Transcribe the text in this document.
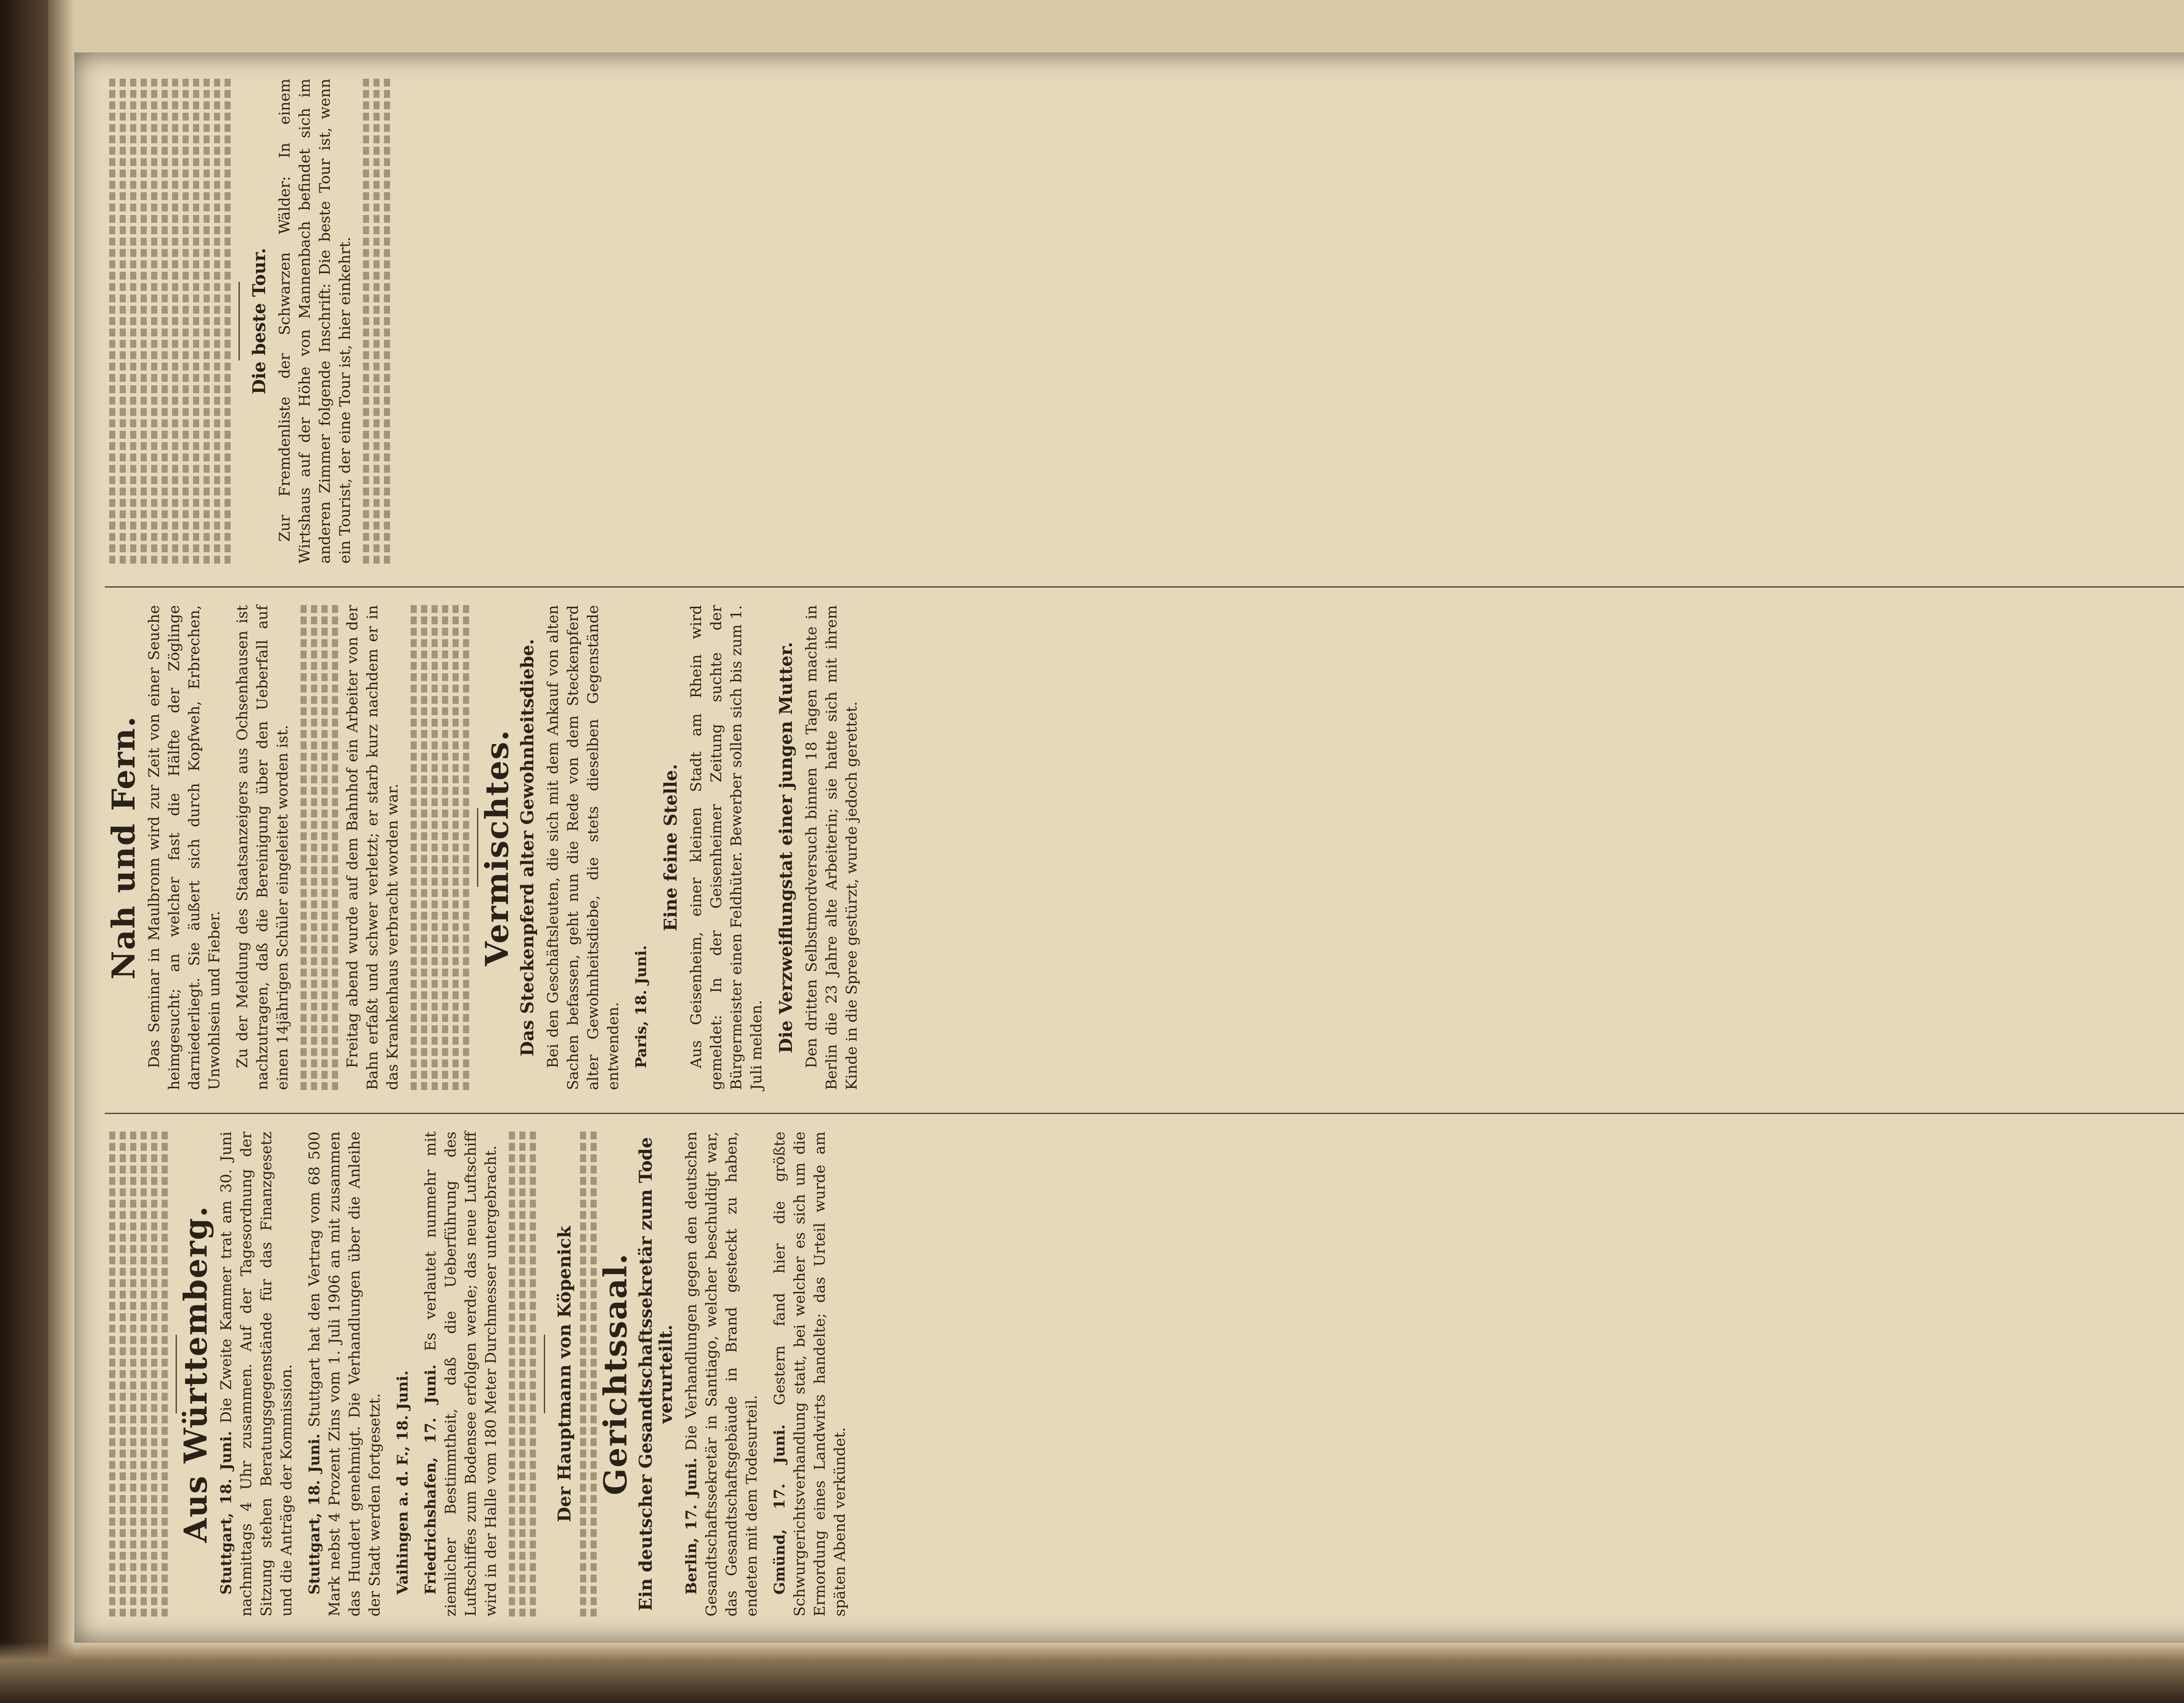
Aus Württemberg. Stuttgart, 18. Juni. Die Zweite Kammer trat am 30. Juni nachmittags 4 Uhr zusammen. Auf der Tagesordnung der Sitzung stehen Beratungsgegenstände für das Finanzgesetz und die Anträge der Kommission. Stuttgart, 18. Juni. Stuttgart hat den Vertrag vom 68 500 Mark nebst 4 Prozent Zins vom 1. Juli 1906 an mit zusammen das Hundert genehmigt. Die Verhandlungen über die Anleihe der Stadt werden fortgesetzt. Vaihingen a. d. F., 18. Juni. Friedrichshafen, 17. Juni. Es verlautet nunmehr mit ziemlicher Bestimmtheit, daß die Ueberführung des Luftschiffes zum Bodensee erfolgen werde; das neue Luftschiff wird in der Halle vom 180 Meter Durchmesser untergebracht.	Der Hauptmann von Köpenick Gerichtssaal. Ein deutscher Gesandtschaftssekretär zum Tode verurteilt.

Berlin, 17. Juni. Die Verhandlungen gegen den deutschen Gesandtschaftssekretär in Santiago, welcher beschuldigt war, das Gesandtschaftsgebäude in Brand gesteckt zu haben, endeten mit dem Todesurteil. Gmünd, 17. Juni. Gestern fand hier die größte Schwurgerichtsverhandlung statt, bei welcher es sich um die Ermordung eines Landwirts handelte; das Urteil wurde am späten Abend verkündet.

Nah und Fern. Das Seminar in Maulbronn wird zur Zeit von einer Seuche heimgesucht; an welcher fast die Hälfte der Zöglinge darniederliegt. Sie äußert sich durch Kopfweh, Erbrechen, Unwohlsein und Fieber. Zu der Meldung des Staatsanzeigers aus Ochsenhausen ist nachzutragen, daß die Bereinigung über den Ueberfall auf einen 14jährigen Schüler eingeleitet worden ist.	Freitag abend wurde auf dem Bahnhof ein Arbeiter von der Bahn erfaßt und schwer verletzt; er starb kurz nachdem er in das Krankenhaus verbracht worden war. Vermischtes. Das Steckenpferd alter Gewohnheitsdiebe. Bei den Geschäftsleuten, die sich mit dem Ankauf von alten Sachen befassen, geht nun die Rede von dem Steckenpferd alter Gewohnheitsdiebe, die stets dieselben Gegenstände entwenden. Paris, 18. Juni.

Eine feine Stelle. Aus Geisenheim, einer kleinen Stadt am Rhein wird gemeldet: In der Geisenheimer Zeitung suchte der Bürgermeister einen Feldhüter. Bewerber sollen sich bis zum 1. Juli melden. Die Verzweiflungstat einer jungen Mutter. Den dritten Selbstmordversuch binnen 18 Tagen machte in Berlin die 23 Jahre alte Arbeiterin; sie hatte sich mit ihrem Kinde in die Spree gestürzt, wurde jedoch gerettet.

Die beste Tour. Zur Fremdenliste der Schwarzen Wälder: In einem Wirtshaus auf der Höhe von Mannenbach befindet sich im anderen Zimmer folgende Inschrift: Die beste Tour ist, wenn ein Tourist, der eine Tour ist, hier einkehrt.
